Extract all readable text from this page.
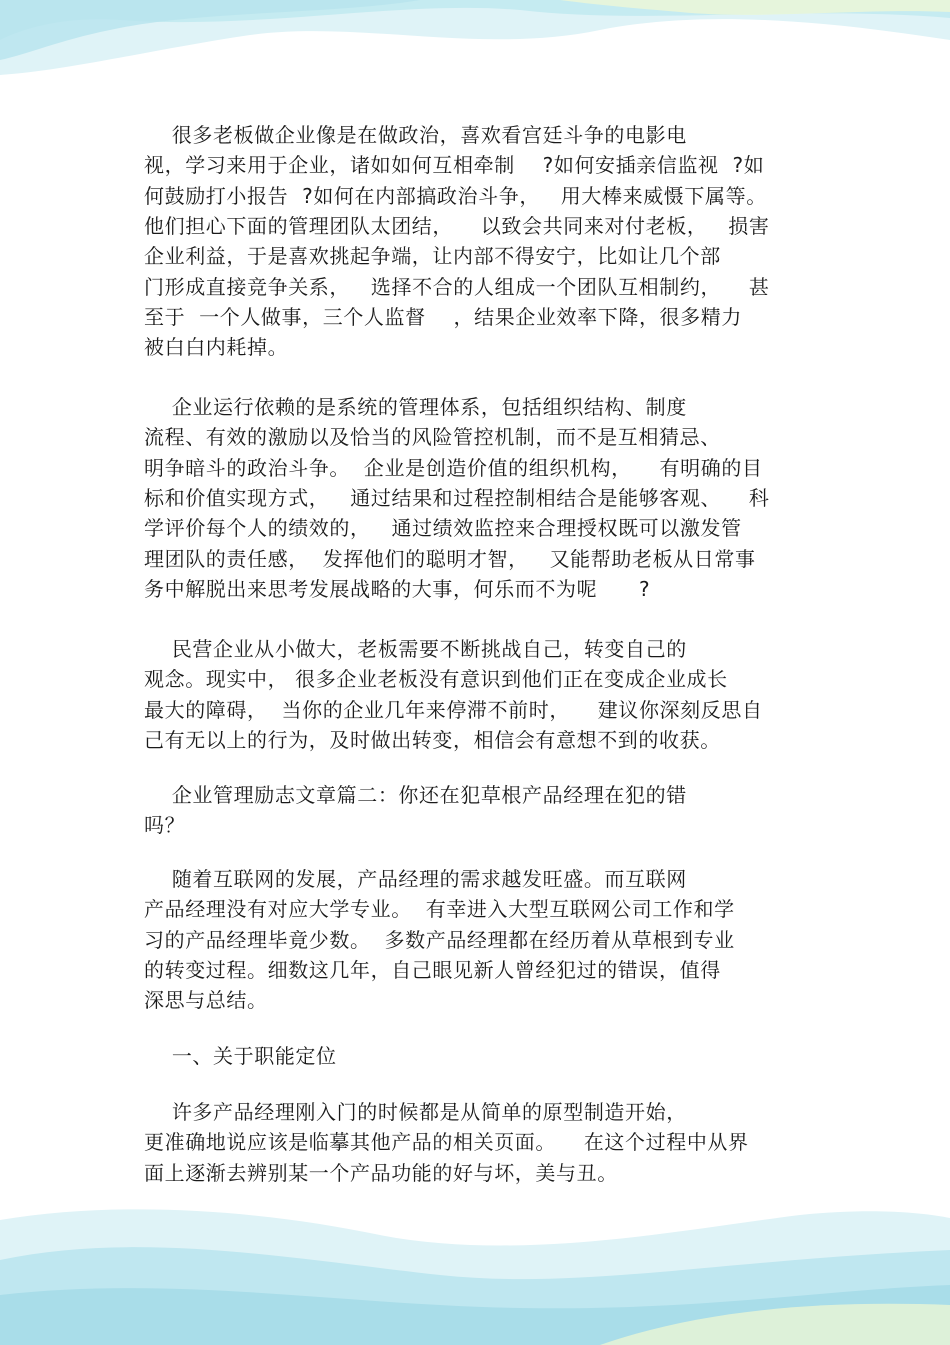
很多老板做企业像是在做政治，喜欢看宫廷斗争的电影电
视，学习来用于企业，诸如如何互相牵制    ?如何安插亲信监视  ?如
何鼓励打小报告  ?如何在内部搞政治斗争，   用大棒来威慑下属等。
他们担心下面的管理团队太团结，    以致会共同来对付老板，   损害
企业利益，于是喜欢挑起争端，让内部不得安宁，比如让几个部
门形成直接竞争关系，   选择不合的人组成一个团队互相制约，    甚
至于  一个人做事，三个人监督    ，结果企业效率下降，很多精力
被白白内耗掉。
企业运行依赖的是系统的管理体系，包括组织结构、制度
流程、有效的激励以及恰当的风险管控机制，而不是互相猜忌、
明争暗斗的政治斗争。  企业是创造价值的组织机构，    有明确的目
标和价值实现方式，   通过结果和过程控制相结合是能够客观、    科
学评价每个人的绩效的，   通过绩效监控来合理授权既可以激发管
理团队的责任感，  发挥他们的聪明才智，   又能帮助老板从日常事
务中解脱出来思考发展战略的大事，何乐而不为呢      ?
民营企业从小做大，老板需要不断挑战自己，转变自己的
观念。现实中， 很多企业老板没有意识到他们正在变成企业成长
最大的障碍，  当你的企业几年来停滞不前时，    建议你深刻反思自
己有无以上的行为，及时做出转变，相信会有意想不到的收获。
企业管理励志文章篇二：你还在犯草根产品经理在犯的错
吗？
随着互联网的发展，产品经理的需求越发旺盛。而互联网
产品经理没有对应大学专业。  有幸进入大型互联网公司工作和学
习的产品经理毕竟少数。  多数产品经理都在经历着从草根到专业
的转变过程。细数这几年，自己眼见新人曾经犯过的错误，值得
深思与总结。
一、关于职能定位
许多产品经理刚入门的时候都是从简单的原型制造开始，
更准确地说应该是临摹其他产品的相关页面。    在这个过程中从界
面上逐渐去辨别某一个产品功能的好与坏，美与丑。
